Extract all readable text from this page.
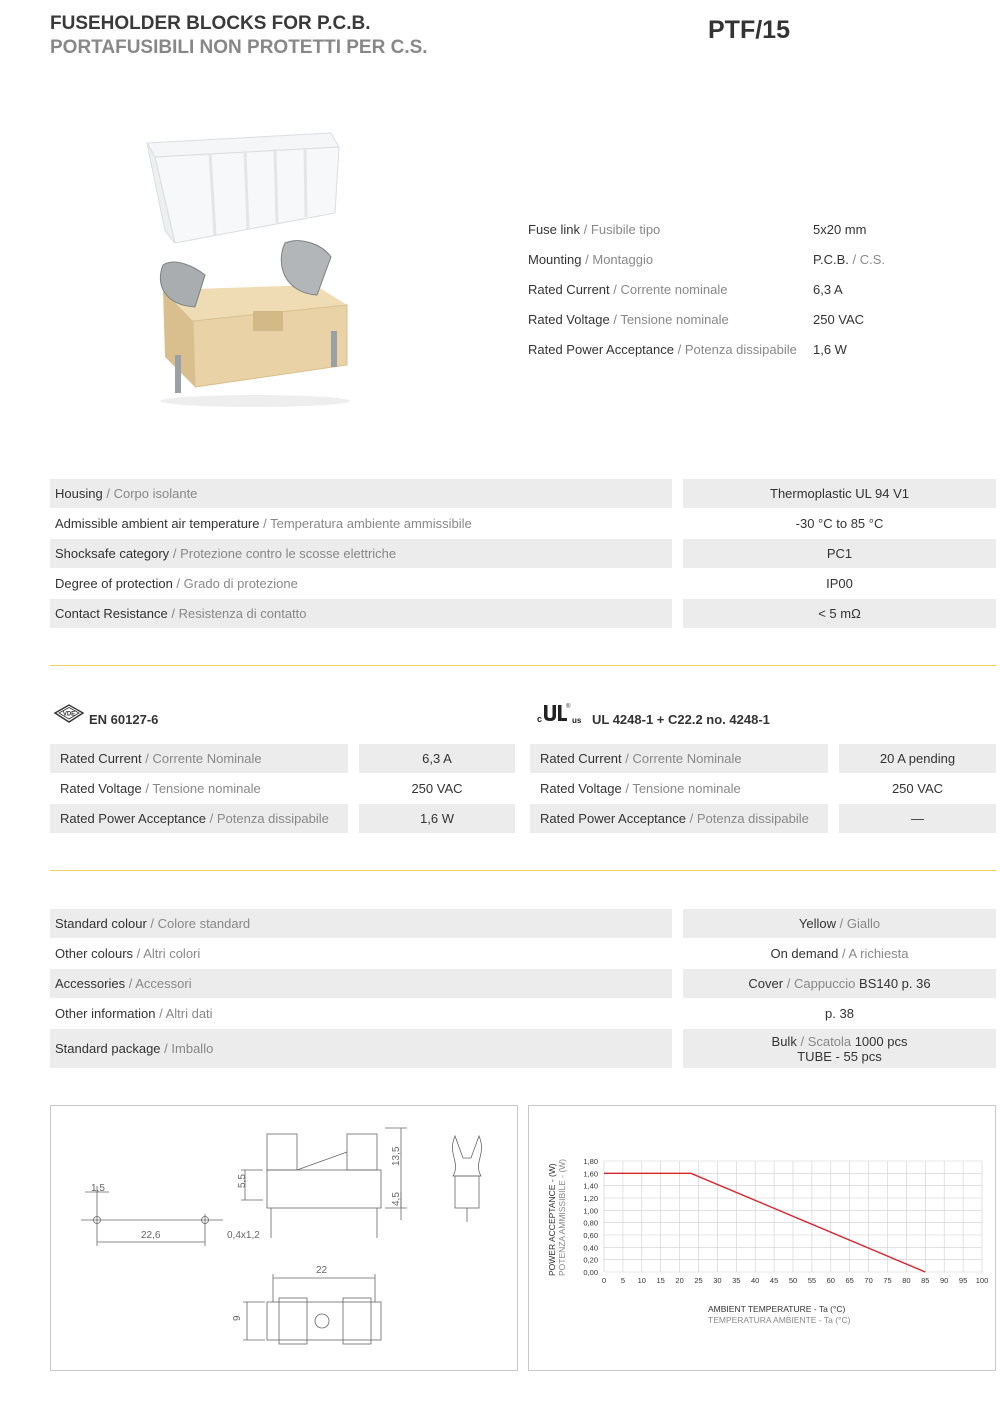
FUSEHOLDER BLOCKS FOR P.C.B.
PORTAFUSIBILI NON PROTETTI PER C.S.
PTF/15
Fuse link / Fusibile tipo	5x20 mm
Mounting / Montaggio	P.C.B. / C.S.
Rated Current / Corrente nominale	6,3 A
Rated Voltage / Tensione nominale	250 VAC
Rated Power Acceptance / Potenza dissipabile 1,6 W
Housing / Corpo isolante	Thermoplastic UL 94 V1
Admissible ambient air temperature / Temperatura ambiente ammissibile	-30 °C to 85 °C
Shocksafe category / Protezione contro le scosse elettriche	PC1
Degree of protection / Grado di protezione	IP00
Contact Resistance / Resistenza di contatto	< 5 mΩ
VDE EN 60127-6	c	us
®
UL 4248-1 + C22.2 no. 4248-1
Rated Current / Corrente Nominale	6,3 A
Rated Voltage / Tensione nominale	250 VAC
Rated Power Acceptance / Potenza dissipabile	1,6 W
Rated Current / Corrente Nominale	20 A pending
Rated Voltage / Tensione nominale	250 VAC
Rated Power Acceptance / Potenza dissipabile	—
Standard colour / Colore standard	Yellow / Giallo
Other colours / Altri colori	On demand / A richiesta
Accessories / Accessori	Cover / Cappuccio BS140 p. 36
Other information / Altri dati	p. 38
Standard package / Imballo	Bulk / Scatola 1000 pcs
TUBE - 55 pcs
1,5
22,6
5,5
13,5
4,5
0,4x1,2
22
9
0 5 10 15 20 25 30 35 40 45 50 55 60 65 70 75 80 85 90 95 100
0,00
0,20
0,40
0,60
0,80
1,00
1,20
1,40
1,60
1,80
POWER ACCEPTANCE - (W) POTENZA AMMISSIBILE - (W)
AMBIENT TEMPERATURE - Ta (°C)
TEMPERATURA AMBIENTE - Ta (°C)
